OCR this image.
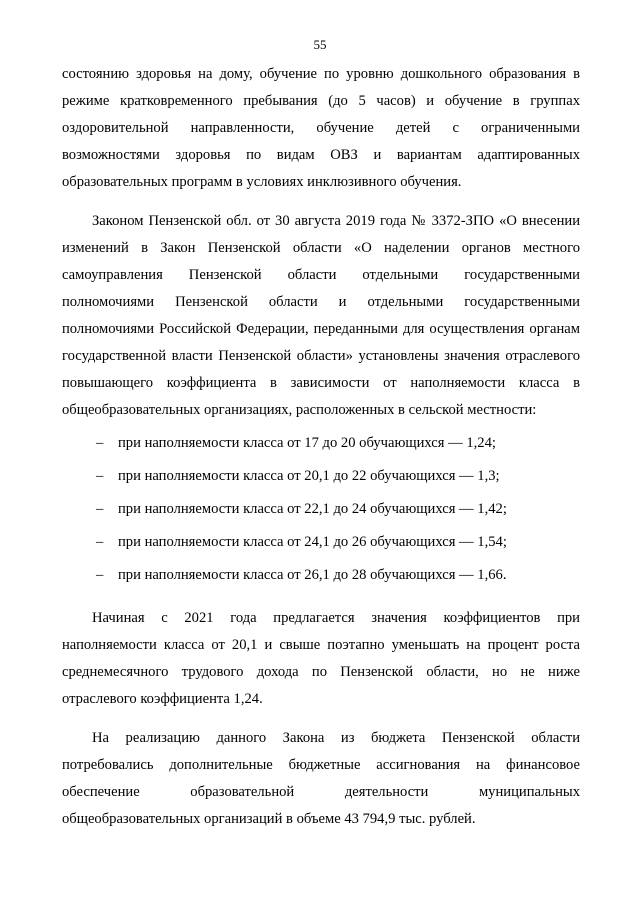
55

состоянию здоровья на дому, обучение по уровню дошкольного образования в режиме кратковременного пребывания (до 5 часов) и обучение в группах оздоровительной направленности, обучение детей с ограниченными возможностями здоровья по видам ОВЗ и вариантам адаптированных образовательных программ в условиях инклюзивного обучения.

Законом Пензенской обл. от 30 августа 2019 года № 3372-ЗПО «О внесении изменений в Закон Пензенской области «О наделении органов местного самоуправления Пензенской области отдельными государственными полномочиями Пензенской области и отдельными государственными полномочиями Российской Федерации, переданными для осуществления органам государственной власти Пензенской области» установлены значения отраслевого повышающего коэффициента в зависимости от наполняемости класса в общеобразовательных организациях, расположенных в сельской местности:

– при наполняемости класса от 17 до 20 обучающихся — 1,24;
– при наполняемости класса от 20,1 до 22 обучающихся — 1,3;
– при наполняемости класса от 22,1 до 24 обучающихся — 1,42;
– при наполняемости класса от 24,1 до 26 обучающихся — 1,54;
– при наполняемости класса от 26,1 до 28 обучающихся — 1,66.

Начиная с 2021 года предлагается значения коэффициентов при наполняемости класса от 20,1 и свыше поэтапно уменьшать на процент роста среднемесячного трудового дохода по Пензенской области, но не ниже отраслевого коэффициента 1,24.

На реализацию данного Закона из бюджета Пензенской области потребовались дополнительные бюджетные ассигнования на финансовое обеспечение образовательной деятельности муниципальных общеобразовательных организаций в объеме 43 794,9 тыс. рублей.
